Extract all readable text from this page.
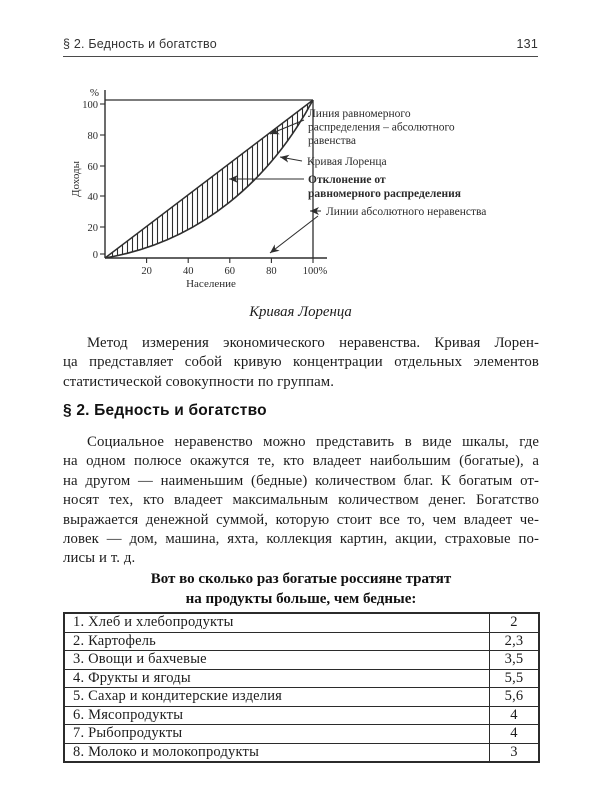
§ 2. Бедность и богатство	131
%
100
80
60
40
20
0
20	40	60	80 100%
Доходы
Население
Линия равномерного
распределения – абсолютного
равенства
Кривая Лоренца
Отклонение от
равномерного распределения
Линии абсолютного неравенства
Кривая Лоренца
Метод измерения экономического неравенства. Кривая Лорен-
ца представляет собой кривую концентрации отдельных элементов
статистической совокупности по группам.
§ 2. Бедность и богатство
Социальное неравенство можно представить в виде шкалы, где
на одном полюсе окажутся те, кто владеет наибольшим (богатые), а
на другом — наименьшим (бедные) количеством благ. К богатым от-
носят тех, кто владеет максимальным количеством денег. Богатство
выражается денежной суммой, которую стоит все то, чем владеет че-
ловек — дом, машина, яхта, коллекция картин, акции, страховые по-
лисы и т. д.
Вот во сколько раз богатые россияне тратят
на продукты больше, чем бедные:
1. Хлеб и хлебопродукты	2
2. Картофель	2,3
3. Овощи и бахчевые	3,5
4. Фрукты и ягоды	5,5
5. Сахар и кондитерские изделия	5,6
6. Мясопродукты	4
7. Рыбопродукты	4
8. Молоко и молокопродукты	3
